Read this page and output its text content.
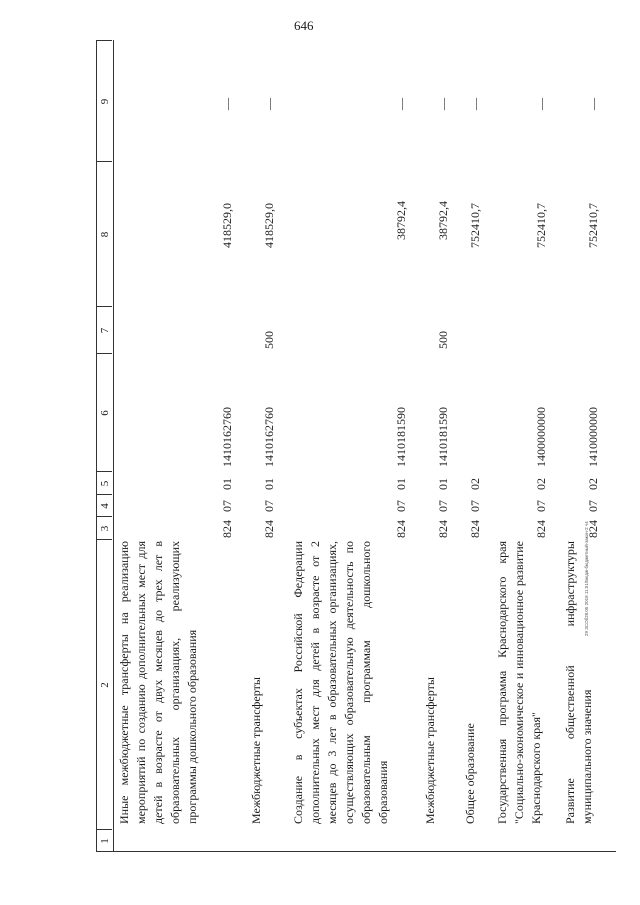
646
29 ЗСОб28.05 2018 11:51/Бюдж-бюджетный-закон-2 ч4
1
2
3
4
5
6
7
8
9
Иные межбюджетные трансферты на реализацию мероприятий по созданию дополнительных мест для детей в возрасте от двух месяцев до трех лет в образовательных организациях, реализующих программы дошкольного образования
824
07
01
1410162760
418529,0
—
Межбюджетные трансферты
824
07
01
1410162760
500
418529,0
—
Создание в субъектах Российской Федерации дополнительных мест для детей в возрасте от 2 месяцев до 3 лет в образовательных организациях, осуществляющих образовательную деятельность по образовательным программам дошкольного образования
824
07
01
1410181590
38792,4
—
Межбюджетные трансферты
824
07
01
1410181590
500
38792,4
—
Общее образование
824
07
02
752410,7
—
Государственная программа Краснодарского края "Социально-экономическое и инновационное развитие Краснодарского края"
824
07
02
1400000000
752410,7
—
Развитие общественной инфраструктуры муниципального значения
824
07
02
1410000000
752410,7
—
